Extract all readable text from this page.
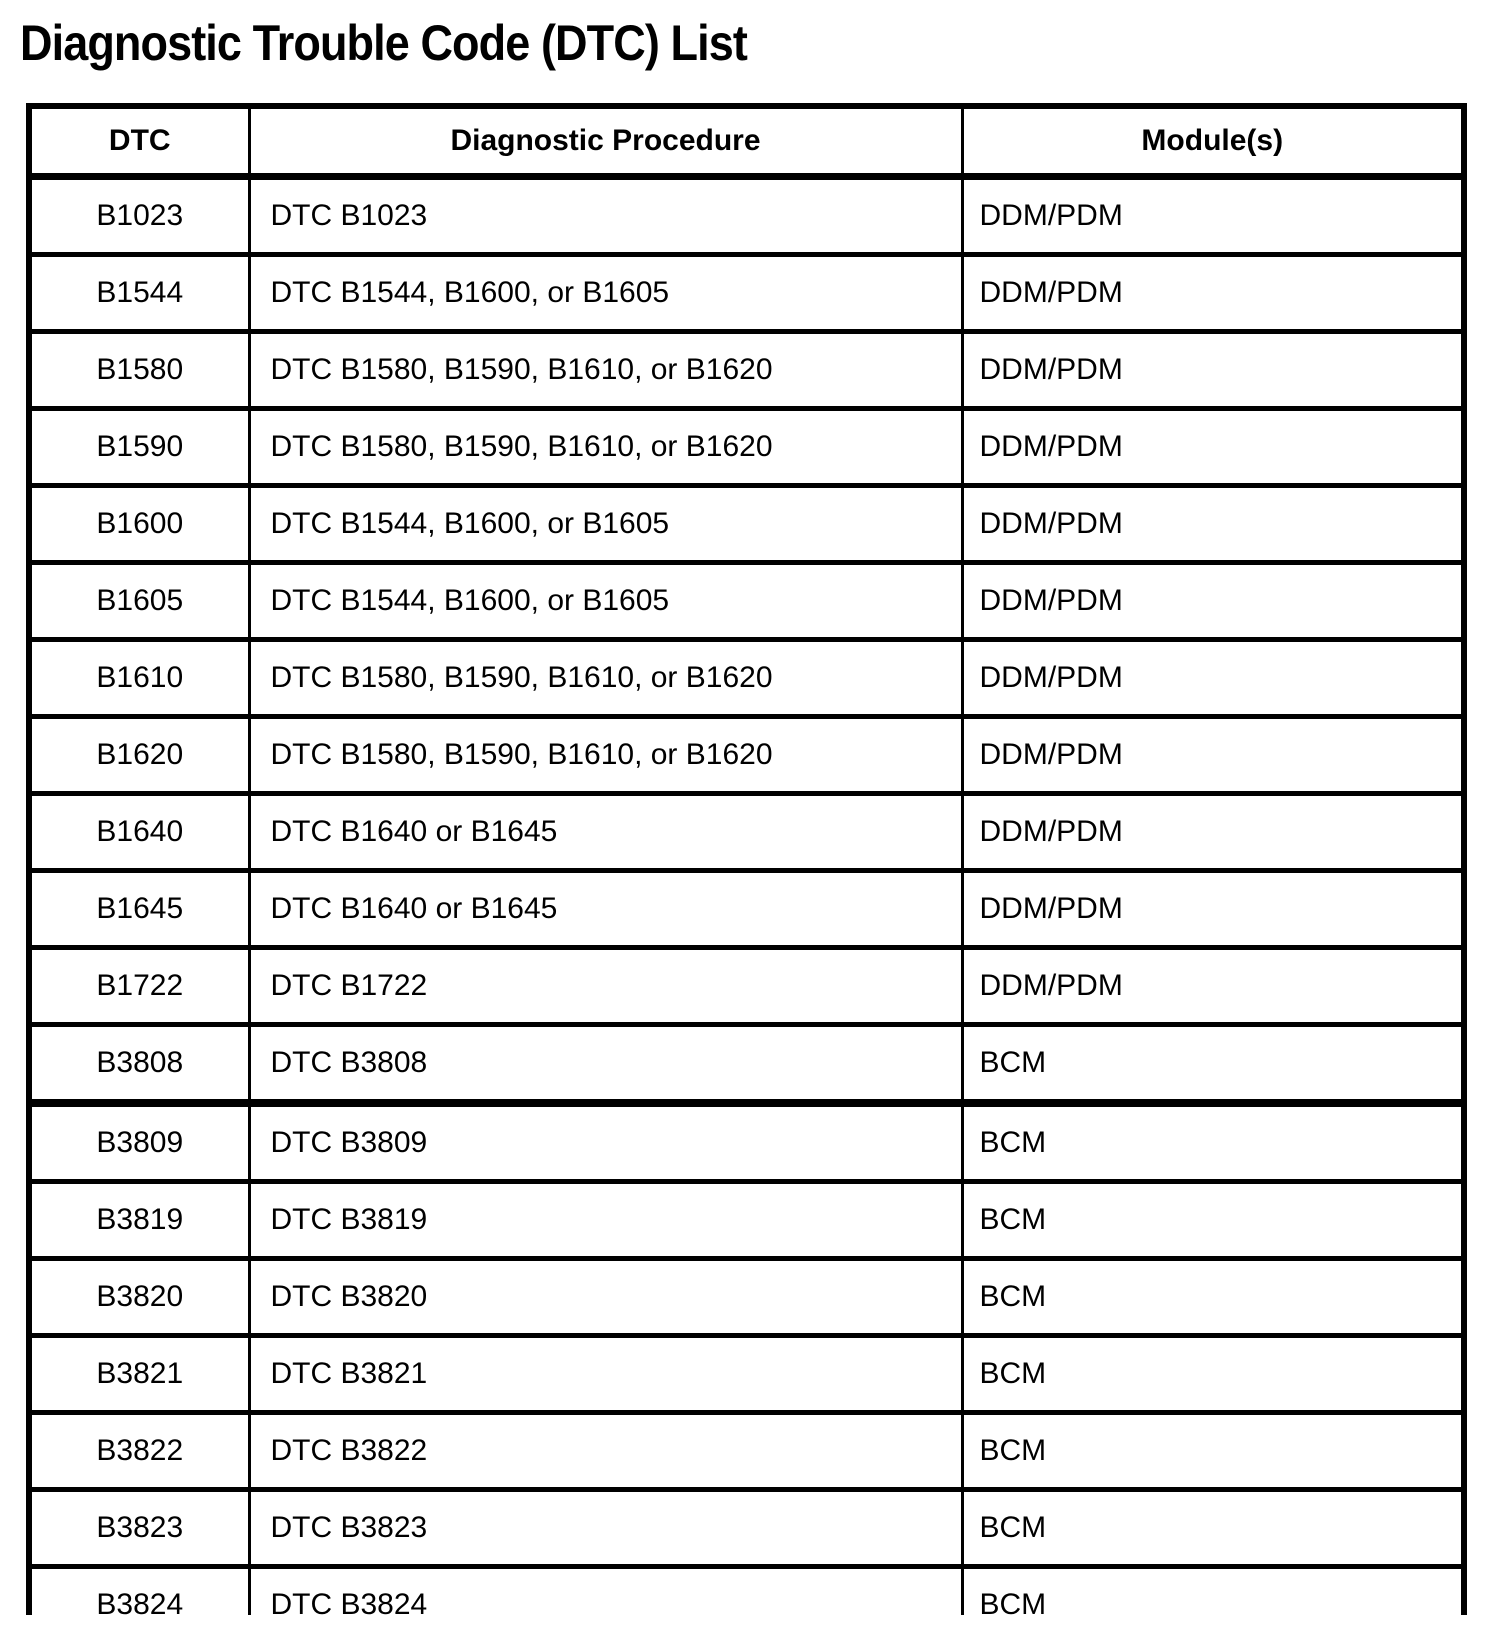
Diagnostic Trouble Code (DTC) List
DTC	Diagnostic Procedure	Module(s)
B1023	DTC B1023	DDM/PDM
B1544	DTC B1544, B1600, or B1605	DDM/PDM
B1580	DTC B1580, B1590, B1610, or B1620	DDM/PDM
B1590	DTC B1580, B1590, B1610, or B1620	DDM/PDM
B1600	DTC B1544, B1600, or B1605	DDM/PDM
B1605	DTC B1544, B1600, or B1605	DDM/PDM
B1610	DTC B1580, B1590, B1610, or B1620	DDM/PDM
B1620	DTC B1580, B1590, B1610, or B1620	DDM/PDM
B1640	DTC B1640 or B1645	DDM/PDM
B1645	DTC B1640 or B1645	DDM/PDM
B1722	DTC B1722	DDM/PDM
B3808	DTC B3808	BCM
B3809	DTC B3809	BCM
B3819	DTC B3819	BCM
B3820	DTC B3820	BCM
B3821	DTC B3821	BCM
B3822	DTC B3822	BCM
B3823	DTC B3823	BCM
B3824	DTC B3824	BCM
